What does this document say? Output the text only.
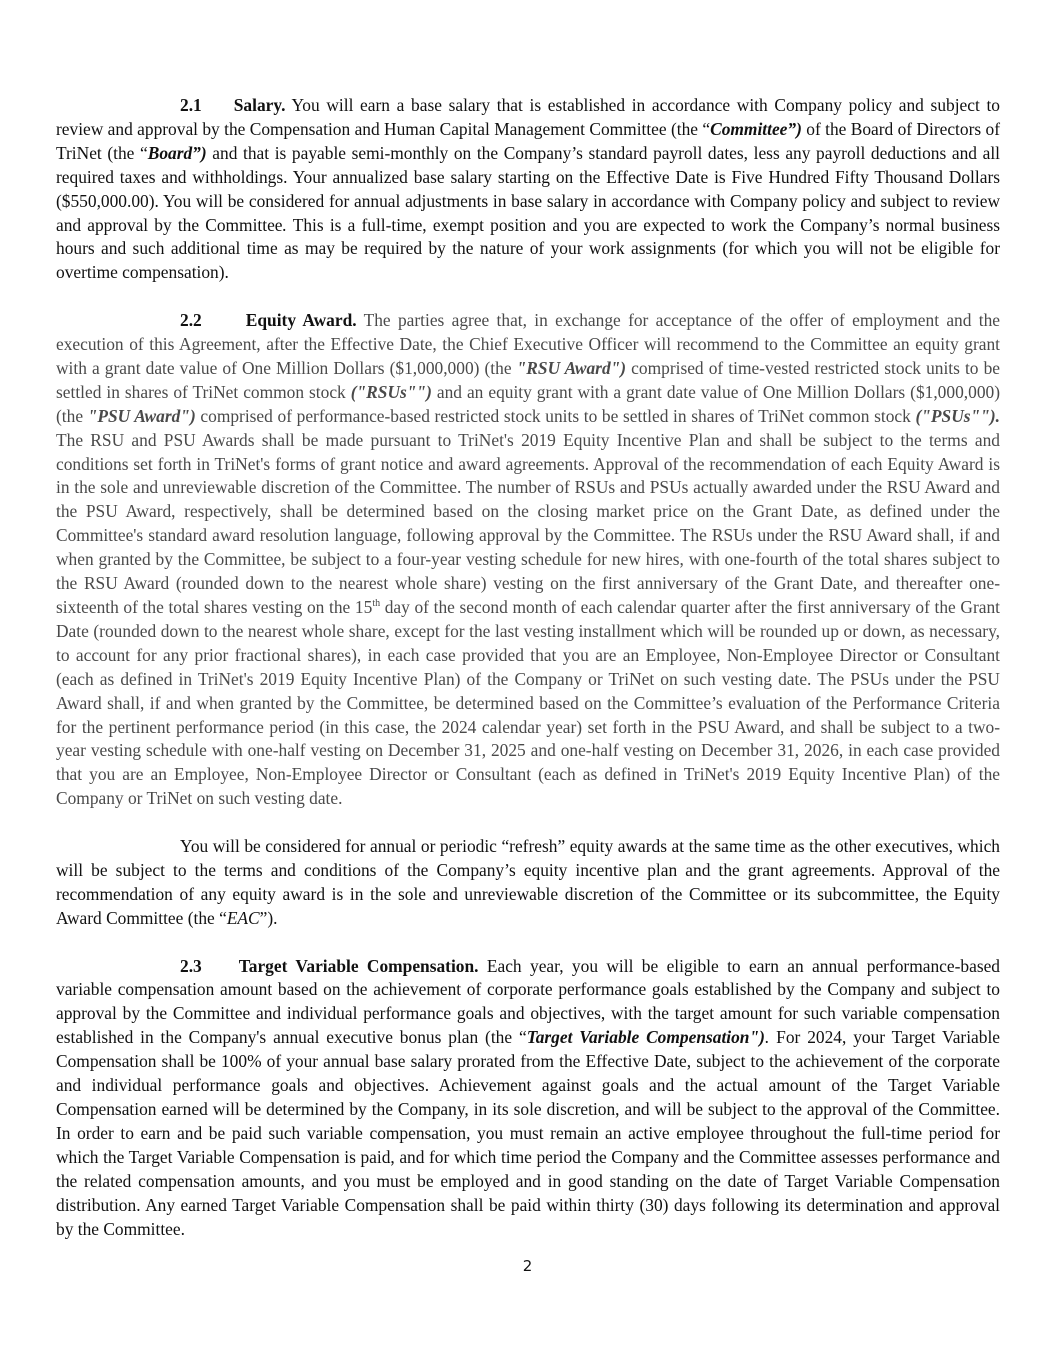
2.1 Salary. You will earn a base salary that is established in accordance with Company policy and subject to review and approval by the Compensation and Human Capital Management Committee (the “Committee”) of the Board of Directors of TriNet (the “Board”) and that is payable semi-monthly on the Company’s standard payroll dates, less any payroll deductions and all required taxes and withholdings. Your annualized base salary starting on the Effective Date is Five Hundred Fifty Thousand Dollars ($550,000.00). You will be considered for annual adjustments in base salary in accordance with Company policy and subject to review and approval by the Committee. This is a full-time, exempt position and you are expected to work the Company’s normal business hours and such additional time as may be required by the nature of your work assignments (for which you will not be eligible for overtime compensation).

2.2	Equity Award. The parties agree that, in exchange for acceptance of the offer of employment and the execution of this Agreement, after the Effective Date, the Chief Executive Officer will recommend to the Committee an equity grant with a grant date value of One Million Dollars ($1,000,000) (the "RSU Award") comprised of time-vested restricted stock units to be settled in shares of TriNet common stock ("RSUs"") and an equity grant with a grant date value of One Million Dollars ($1,000,000) (the "PSU Award") comprised of performance-based restricted stock units to be settled in shares of TriNet common stock ("PSUs""). The RSU and PSU Awards shall be made pursuant to TriNet's 2019 Equity Incentive Plan and shall be subject to the terms and conditions set forth in TriNet's forms of grant notice and award agreements. Approval of the recommendation of each Equity Award is in the sole and unreviewable discretion of the Committee. The number of RSUs and PSUs actually awarded under the RSU Award and the PSU Award, respectively, shall be determined based on the closing market price on the Grant Date, as defined under the Committee's standard award resolution language, following approval by the Committee. The RSUs under the RSU Award shall, if and when granted by the Committee, be subject to a four-year vesting schedule for new hires, with one-fourth of the total shares subject to the RSU Award (rounded down to the nearest whole share) vesting on the first anniversary of the Grant Date, and thereafter one-sixteenth of the total shares vesting on the 15th day of the second month of each calendar quarter after the first anniversary of the Grant Date (rounded down to the nearest whole share, except for the last vesting installment which will be rounded up or down, as necessary, to account for any prior fractional shares), in each case provided that you are an Employee, Non-Employee Director or Consultant (each as defined in TriNet's 2019 Equity Incentive Plan) of the Company or TriNet on such vesting date. The PSUs under the PSU Award shall, if and when granted by the Committee, be determined based on the Committee’s evaluation of the Performance Criteria for the pertinent performance period (in this case, the 2024 calendar year) set forth in the PSU Award, and shall be subject to a two-year vesting schedule with one-half vesting on December 31, 2025 and one-half vesting on December 31, 2026, in each case provided that you are an Employee, Non-Employee Director or Consultant (each as defined in TriNet's 2019 Equity Incentive Plan) of the Company or TriNet on such vesting date.

You will be considered for annual or periodic “refresh” equity awards at the same time as the other executives, which will be subject to the terms and conditions of the Company’s equity incentive plan and the grant agreements. Approval of the recommendation of any equity award is in the sole and unreviewable discretion of the Committee or its subcommittee, the Equity Award Committee (the “EAC”).

2.3 Target Variable Compensation. Each year, you will be eligible to earn an annual performance-based variable compensation amount based on the achievement of corporate performance goals established by the Company and subject to approval by the Committee and individual performance goals and objectives, with the target amount for such variable compensation established in the Company's annual executive bonus plan (the “Target Variable Compensation"). For 2024, your Target Variable Compensation shall be 100% of your annual base salary prorated from the Effective Date, subject to the achievement of the corporate and individual performance goals and objectives. Achievement against goals and the actual amount of the Target Variable Compensation earned will be determined by the Company, in its sole discretion, and will be subject to the approval of the Committee. In order to earn and be paid such variable compensation, you must remain an active employee throughout the full-time period for which the Target Variable Compensation is paid, and for which time period the Company and the Committee assesses performance and the related compensation amounts, and you must be employed and in good standing on the date of Target Variable Compensation distribution. Any earned Target Variable Compensation shall be paid within thirty (30) days following its determination and approval by the Committee.

2
